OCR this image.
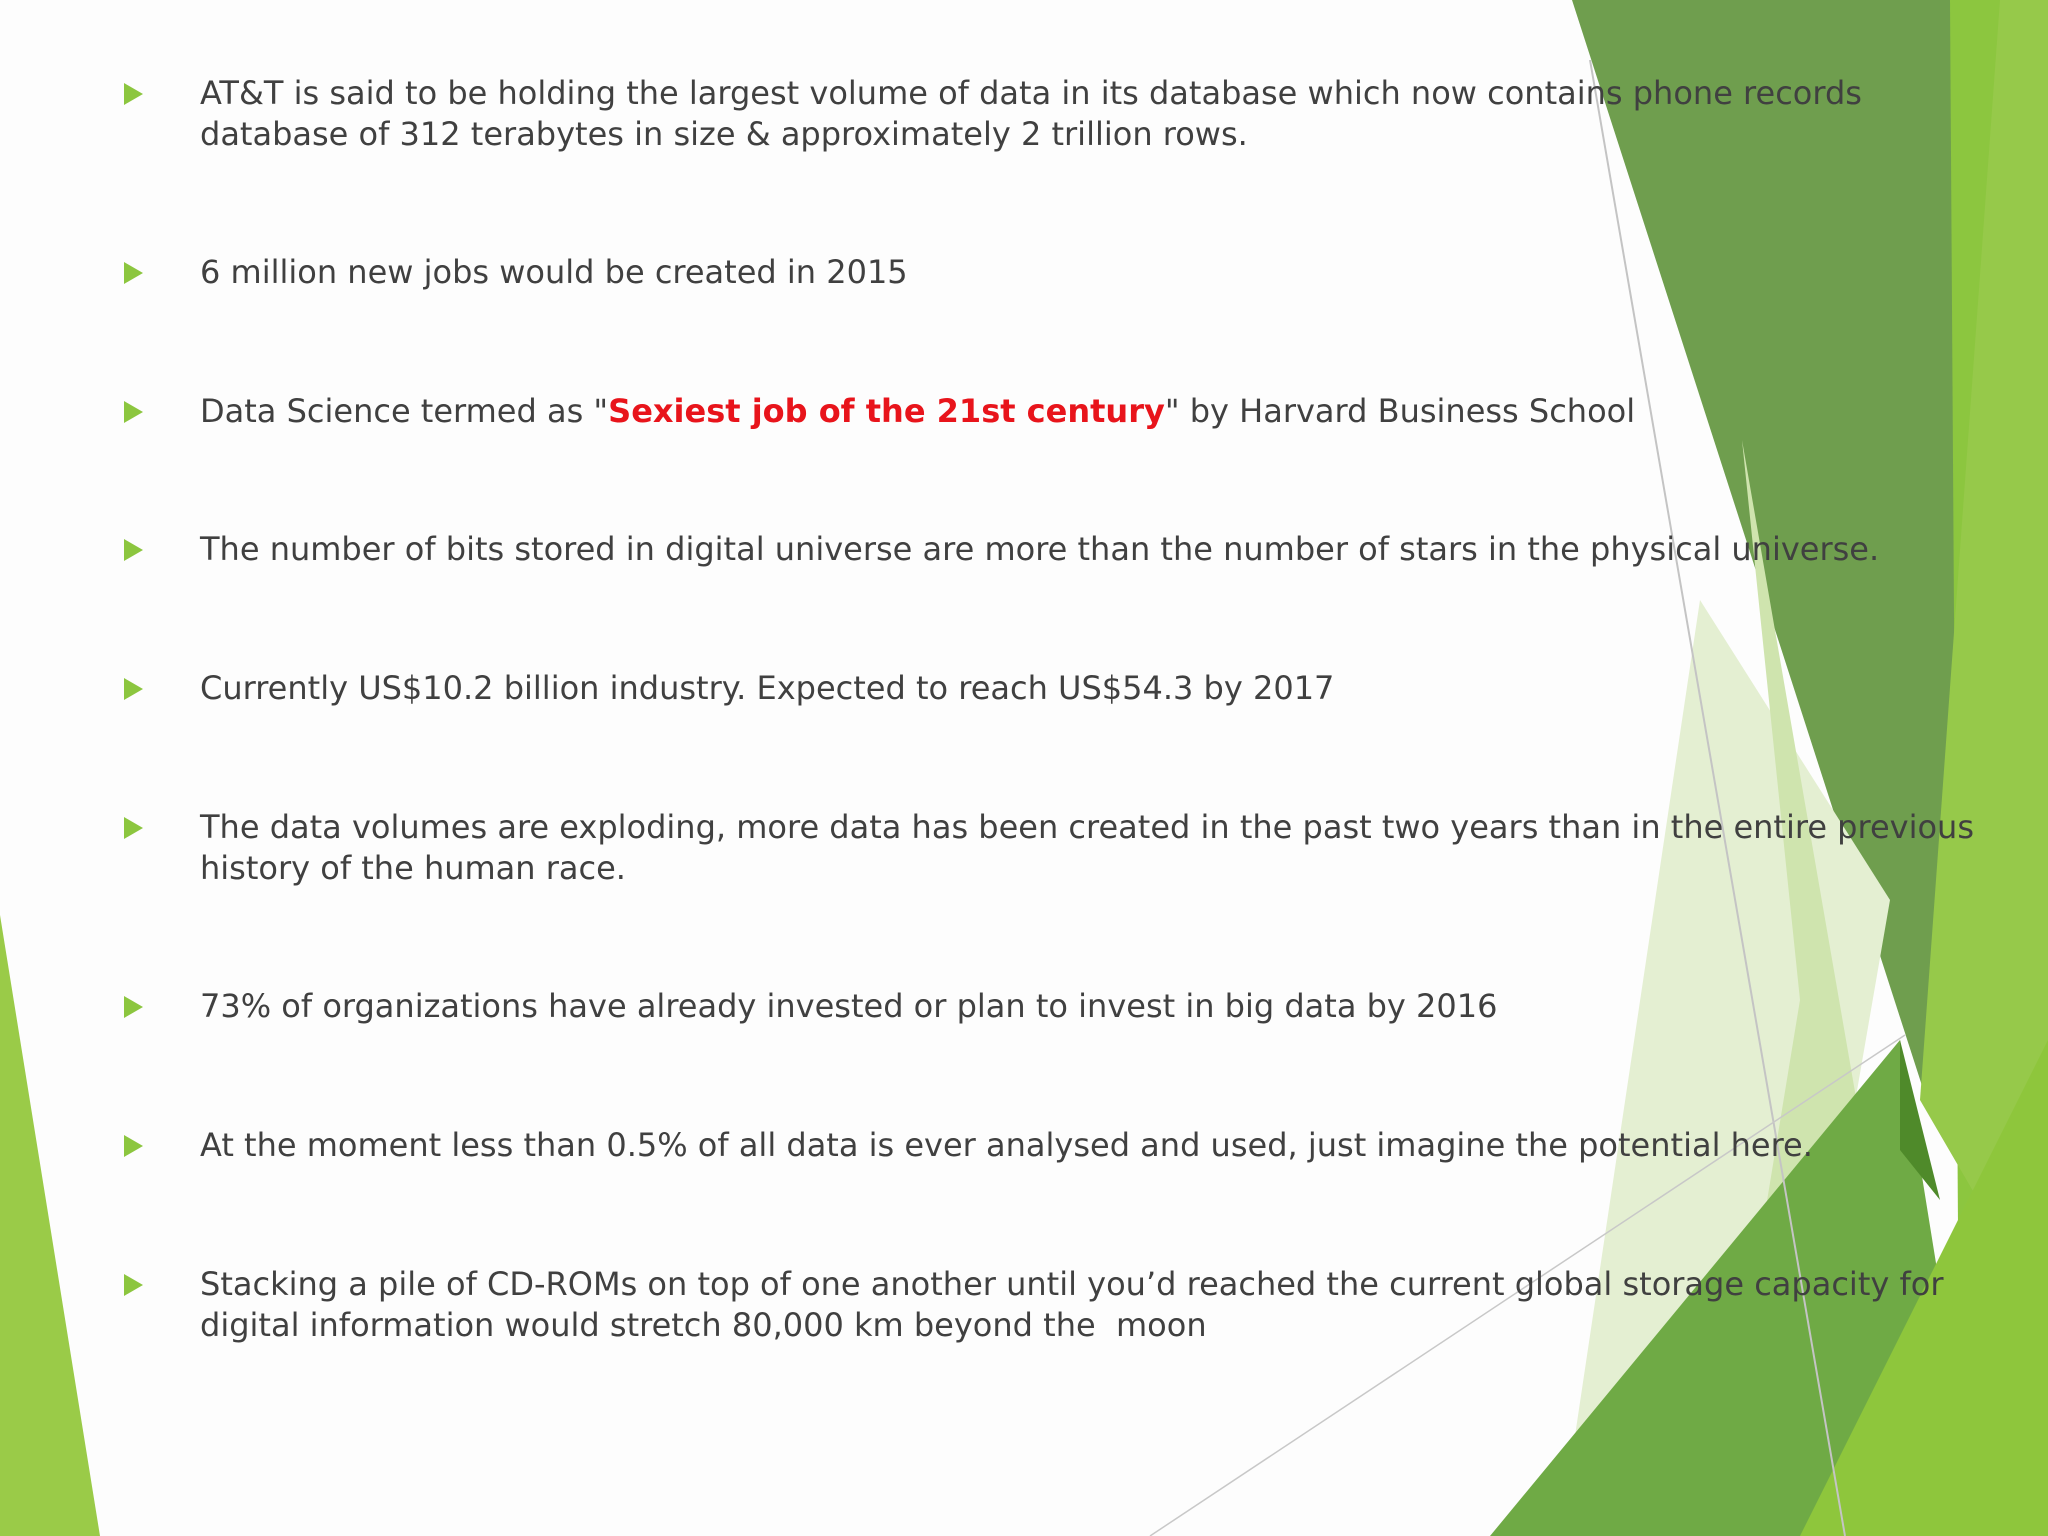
AT&T is said to be holding the largest volume of data in its database which now contains phone records
database of 312 terabytes in size & approximately 2 trillion rows.
6 million new jobs would be created in 2015
Data Science termed as "Sexiest job of the 21st century" by Harvard Business School
The number of bits stored in digital universe are more than the number of stars in the physical universe.
Currently US$10.2 billion industry. Expected to reach US$54.3 by 2017
The data volumes are exploding, more data has been created in the past two years than in the entire previous
history of the human race.
73% of organizations have already invested or plan to invest in big data by 2016
At the moment less than 0.5% of all data is ever analysed and used, just imagine the potential here.
Stacking a pile of CD-ROMs on top of one another until you’d reached the current global storage capacity for
digital information would stretch 80,000 km beyond the  moon
